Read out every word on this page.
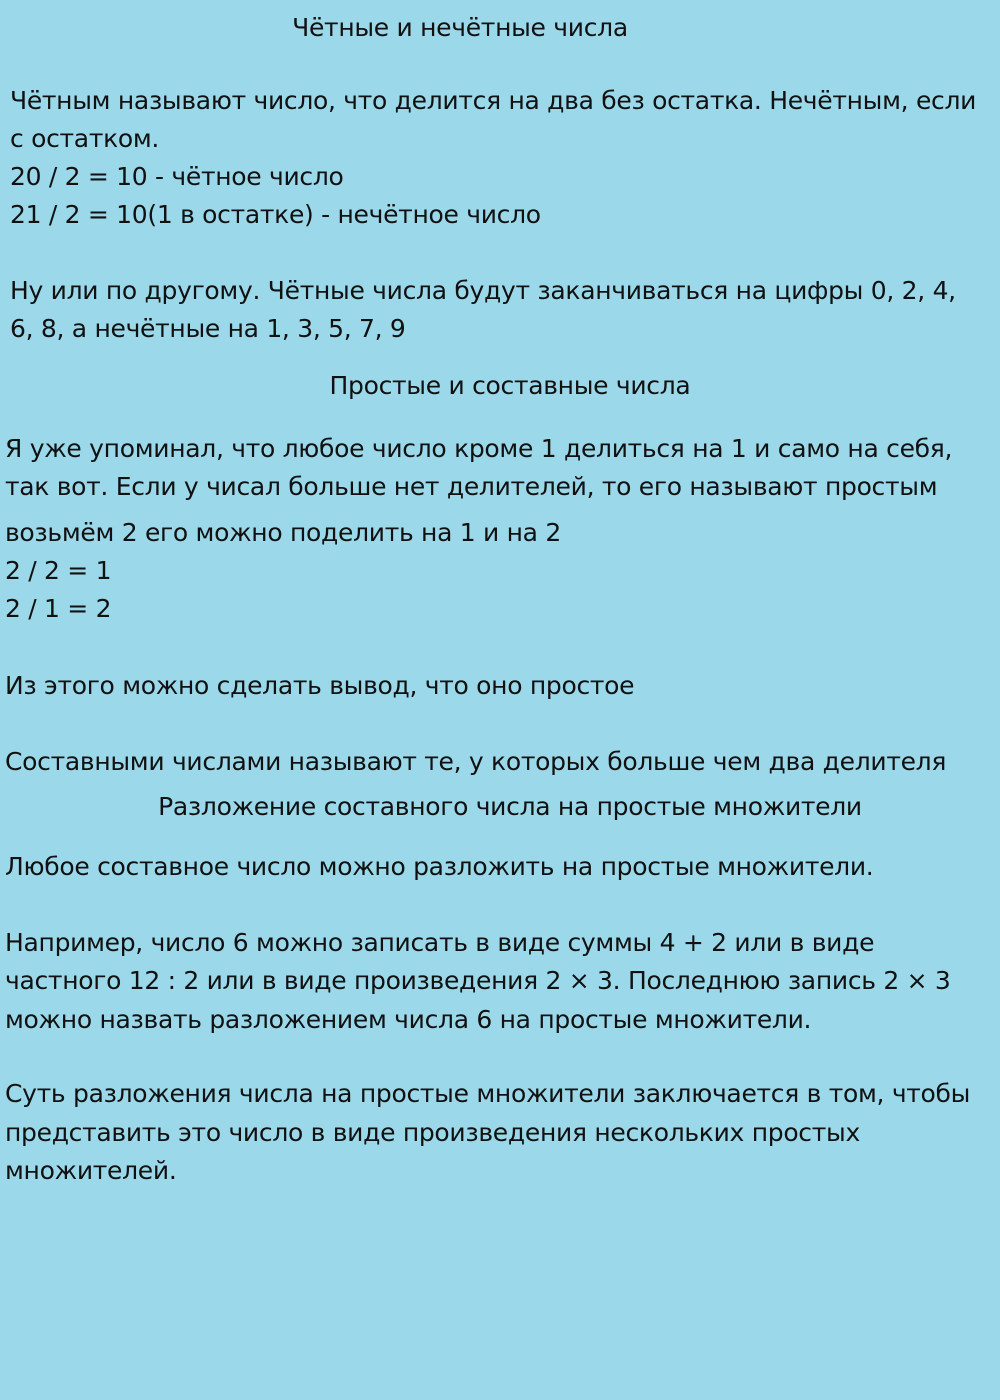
Чётные и нечётные числа
Чётным называют число, что делится на два без остатка. Нечётным, если
с остатком.
20 / 2 = 10 - чётное число
21 / 2 = 10(1 в остатке) - нечётное число
Ну или по другому. Чётные числа будут заканчиваться на цифры 0, 2, 4,
6, 8, а нечётные на 1, 3, 5, 7, 9
Простые и составные числа
Я уже упоминал, что любое число кроме 1 делиться на 1 и само на себя,
так вот. Если у чисал больше нет делителей, то его называют простым
возьмём 2 его можно поделить на 1 и на 2
2 / 2 = 1
2 / 1 = 2
Из этого можно сделать вывод, что оно простое
Составными числами называют те, у которых больше чем два делителя
Разложение составного числа на простые множители
Любое составное число можно разложить на простые множители.
Например, число 6 можно записать в виде суммы 4 + 2 или в виде
частного 12 : 2 или в виде произведения 2 × 3. Последнюю запись 2 × 3
можно назвать разложением числа 6 на простые множители.
Суть разложения числа на простые множители заключается в том, чтобы
представить это число в виде произведения нескольких простых
множителей.
